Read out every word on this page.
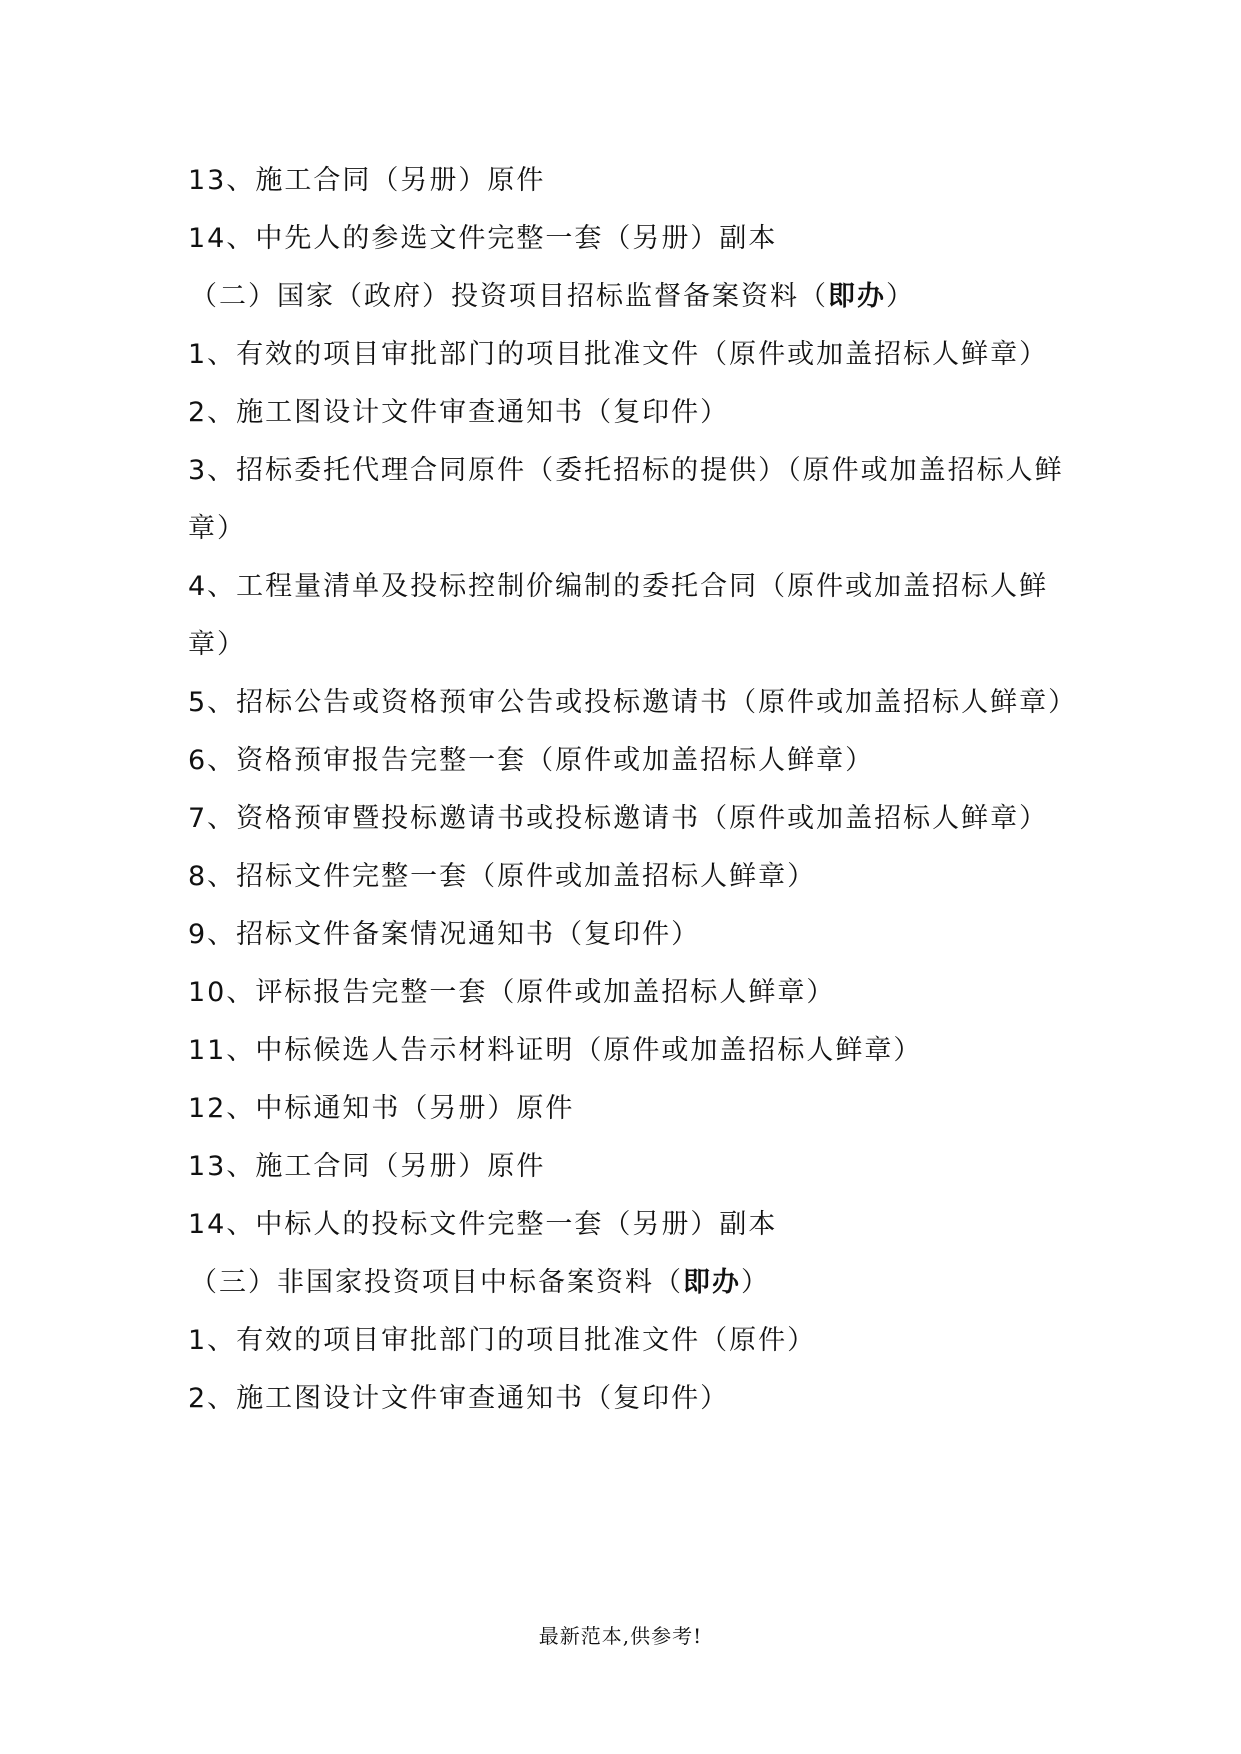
13、施工合同（另册）原件
14、中先人的参选文件完整一套（另册）副本
（二）国家（政府）投资项目招标监督备案资料（即办）
1、有效的项目审批部门的项目批准文件（原件或加盖招标人鲜章）
2、施工图设计文件审查通知书（复印件）
3、招标委托代理合同原件（委托招标的提供）（原件或加盖招标人鲜
章）
4、工程量清单及投标控制价编制的委托合同（原件或加盖招标人鲜
章）
5、招标公告或资格预审公告或投标邀请书（原件或加盖招标人鲜章）
6、资格预审报告完整一套（原件或加盖招标人鲜章）
7、资格预审暨投标邀请书或投标邀请书（原件或加盖招标人鲜章）
8、招标文件完整一套（原件或加盖招标人鲜章）
9、招标文件备案情况通知书（复印件）
10、评标报告完整一套（原件或加盖招标人鲜章）
11、中标候选人告示材料证明（原件或加盖招标人鲜章）
12、中标通知书（另册）原件
13、施工合同（另册）原件
14、中标人的投标文件完整一套（另册）副本
（三）非国家投资项目中标备案资料（即办）
1、有效的项目审批部门的项目批准文件（原件）
2、施工图设计文件审查通知书（复印件）
最新范本,供参考!
